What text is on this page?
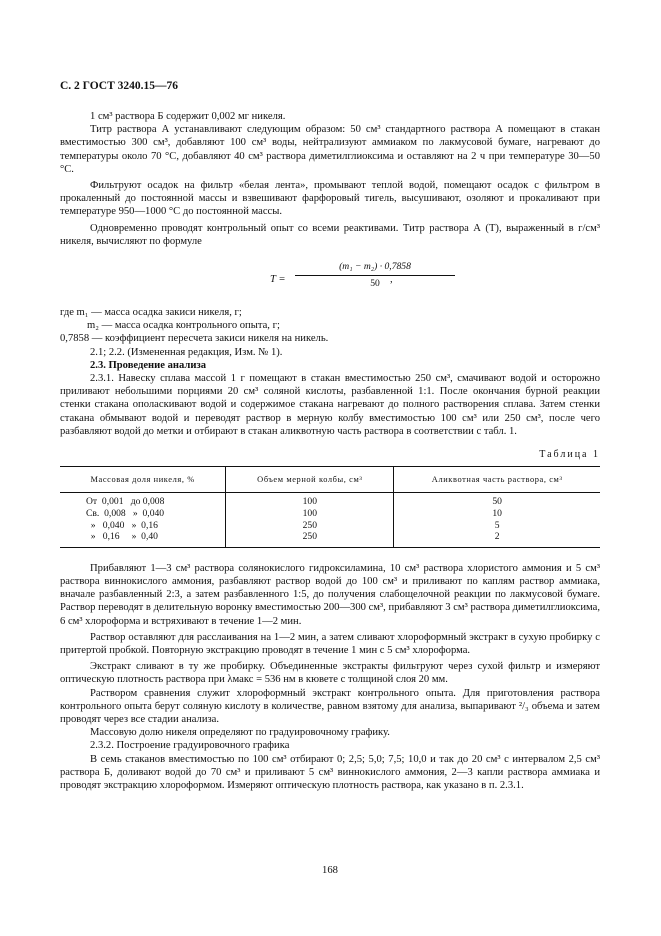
С. 2 ГОСТ 3240.15—76

1 см³ раствора Б содержит 0,002 мг никеля.

Титр раствора А устанавливают следующим образом: 50 см³ стандартного раствора А помещают в стакан вместимостью 300 см³, добавляют 100 см³ воды, нейтрализуют аммиаком по лакмусовой бумаге, нагревают до температуры около 70 °С, добавляют 40 см³ раствора диметилглиоксима и оставляют на 2 ч при температуре 30—50 °С.

Фильтруют осадок на фильтр «белая лента», промывают теплой водой, помещают осадок с фильтром в прокаленный до постоянной массы и взвешивают фарфоровый тигель, высушивают, озоляют и прокаливают при температуре 950—1000 °С до постоянной массы.

Одновременно проводят контрольный опыт со всеми реактивами. Титр раствора А (T), выраженный в г/см³ никеля, вычисляют по формуле

$T = \frac{\text{(m₁ − m₂) · 0,7858}}{50}$
,
где m₁ — масса осадка закиси никеля, г;
m₂ — масса осадка контрольного опыта, г;
0,7858 — коэффициент пересчета закиси никеля на никель.

2.1; 2.2. (Измененная редакция, Изм. № 1).

2.3. Проведение анализа

2.3.1. Навеску сплава массой 1 г помещают в стакан вместимостью 250 см³, смачивают водой и осторожно приливают небольшими порциями 20 см³ соляной кислоты, разбавленной 1:1. После окончания бурной реакции стенки стакана ополаскивают водой и содержимое стакана нагревают до полного растворения сплава. Затем стенки стакана обмывают водой и переводят раствор в мерную колбу вместимостью 100 см³ или 250 см³, после чего разбавляют водой до метки и отбирают в стакан аликвотную часть раствора в соответствии с табл. 1.

Таблица 1
Массовая доля никеля, %	Объем мерной колбы, см³	Аликвотная часть раствора, см³
От  0,001   до 0,008	100	50
Св.  0,008   »  0,040	100	10
»   0,040   »  0,16	250	5
»   0,16     »  0,40	250	2

Прибавляют 1—3 см³ раствора солянокислого гидроксиламина, 10 см³ раствора хлористого аммония и 5 см³ раствора виннокислого аммония, разбавляют раствор водой до 100 см³ и приливают по каплям раствор аммиака, вначале разбавленный 2:3, а затем разбавленного 1:5, до получения слабощелочной реакции по лакмусовой бумаге. Раствор переводят в делительную воронку вместимостью 200—300 см³, прибавляют 3 см³ раствора диметилглиоксима, 6 см³ хлороформа и встряхивают в течение 1—2 мин.

Раствор оставляют для расслаивания на 1—2 мин, а затем сливают хлороформный экстракт в сухую пробирку с притертой пробкой. Повторную экстракцию проводят в течение 1 мин с 5 см³ хлороформа.

Экстракт сливают в ту же пробирку. Объединенные экстракты фильтруют через сухой фильтр и измеряют оптическую плотность раствора при λмакс = 536 нм в кювете с толщиной слоя 20 мм.

Раствором сравнения служит хлороформный экстракт контрольного опыта. Для приготовления раствора контрольного опыта берут соляную кислоту в количестве, равном взятому для анализа, выпаривают ²/₃ объема и затем проводят через все стадии анализа.

Массовую долю никеля определяют по градуировочному графику.

2.3.2. Построение градуировочного графика

В семь стаканов вместимостью по 100 см³ отбирают 0; 2,5; 5,0; 7,5; 10,0 и так до 20 см³ с интервалом 2,5 см³ раствора Б, доливают водой до 70 см³ и приливают 5 см³ виннокислого аммония, 2—3 капли раствора аммиака и проводят экстракцию хлороформом. Измеряют оптическую плотность раствора, как указано в п. 2.3.1.

168
